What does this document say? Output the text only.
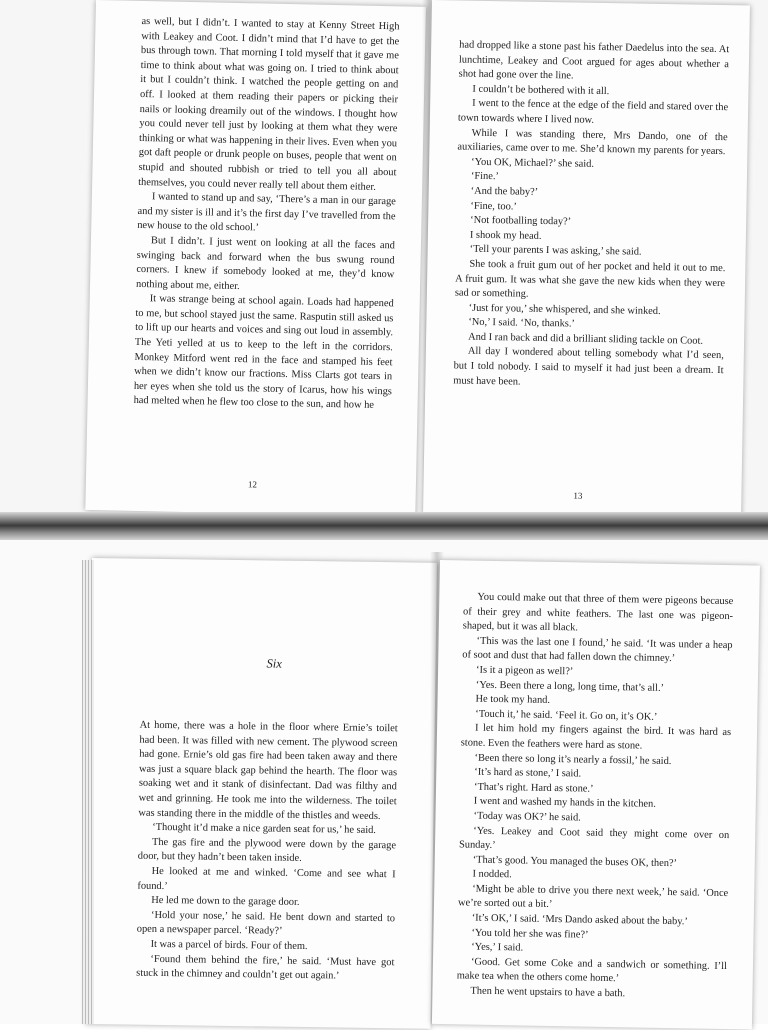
as well, but I didn’t. I wanted to stay at Kenny Street High with Leakey and Coot. I didn’t mind that I’d have to get the bus through town. That morning I told myself that it gave me time to think about what was going on. I tried to think about it but I couldn’t think. I watched the people getting on and off. I looked at them reading their papers or picking their nails or looking dreamily out of the windows. I thought how you could never tell just by looking at them what they were thinking or what was happening in their lives. Even when you got daft people or drunk people on buses, people that went on stupid and shouted rubbish or tried to tell you all about themselves, you could never really tell about them either.

I wanted to stand up and say, ‘There’s a man in our garage and my sister is ill and it’s the first day I’ve travelled from the new house to the old school.’

But I didn’t. I just went on looking at all the faces and swinging back and forward when the bus swung round corners. I knew if somebody looked at me, they’d know nothing about me, either.

It was strange being at school again. Loads had happened to me, but school stayed just the same. Rasputin still asked us to lift up our hearts and voices and sing out loud in assembly. The Yeti yelled at us to keep to the left in the corridors. Monkey Mitford went red in the face and stamped his feet when we didn’t know our fractions. Miss Clarts got tears in her eyes when she told us the story of Icarus, how his wings had melted when he flew too close to the sun, and how he

12

had dropped like a stone past his father Daedelus into the sea. At lunchtime, Leakey and Coot argued for ages about whether a shot had gone over the line.

I couldn’t be bothered with it all.

I went to the fence at the edge of the field and stared over the town towards where I lived now.

While I was standing there, Mrs Dando, one of the auxiliaries, came over to me. She’d known my parents for years.

‘You OK, Michael?’ she said.

‘Fine.’

‘And the baby?’

‘Fine, too.’

‘Not footballing today?’

I shook my head.

‘Tell your parents I was asking,’ she said.

She took a fruit gum out of her pocket and held it out to me. A fruit gum. It was what she gave the new kids when they were sad or something.

‘Just for you,’ she whispered, and she winked.

‘No,’ I said. ‘No, thanks.’

And I ran back and did a brilliant sliding tackle on Coot.

All day I wondered about telling somebody what I’d seen, but I told nobody. I said to myself it had just been a dream. It must have been.

13
Six

At home, there was a hole in the floor where Ernie’s toilet had been. It was filled with new cement. The plywood screen had gone. Ernie’s old gas fire had been taken away and there was just a square black gap behind the hearth. The floor was soaking wet and it stank of disinfectant. Dad was filthy and wet and grinning. He took me into the wilderness. The toilet was standing there in the middle of the thistles and weeds.

‘Thought it’d make a nice garden seat for us,’ he said.

The gas fire and the plywood were down by the garage door, but they hadn’t been taken inside.

He looked at me and winked. ‘Come and see what I found.’

He led me down to the garage door.

‘Hold your nose,’ he said. He bent down and started to open a newspaper parcel. ‘Ready?’

It was a parcel of birds. Four of them.

‘Found them behind the fire,’ he said. ‘Must have got stuck in the chimney and couldn’t get out again.’

You could make out that three of them were pigeons because of their grey and white feathers. The last one was pigeon-shaped, but it was all black.

‘This was the last one I found,’ he said. ‘It was under a heap of soot and dust that had fallen down the chimney.’

‘Is it a pigeon as well?’

‘Yes. Been there a long, long time, that’s all.’

He took my hand.

‘Touch it,’ he said. ‘Feel it. Go on, it’s OK.’

I let him hold my fingers against the bird. It was hard as stone. Even the feathers were hard as stone.

‘Been there so long it’s nearly a fossil,’ he said.

‘It’s hard as stone,’ I said.

‘That’s right. Hard as stone.’

I went and washed my hands in the kitchen.

‘Today was OK?’ he said.

‘Yes. Leakey and Coot said they might come over on Sunday.’

‘That’s good. You managed the buses OK, then?’

I nodded.

‘Might be able to drive you there next week,’ he said. ‘Once we’re sorted out a bit.’

‘It’s OK,’ I said. ‘Mrs Dando asked about the baby.’

‘You told her she was fine?’

‘Yes,’ I said.

‘Good. Get some Coke and a sandwich or something. I’ll make tea when the others come home.’

Then he went upstairs to have a bath.
